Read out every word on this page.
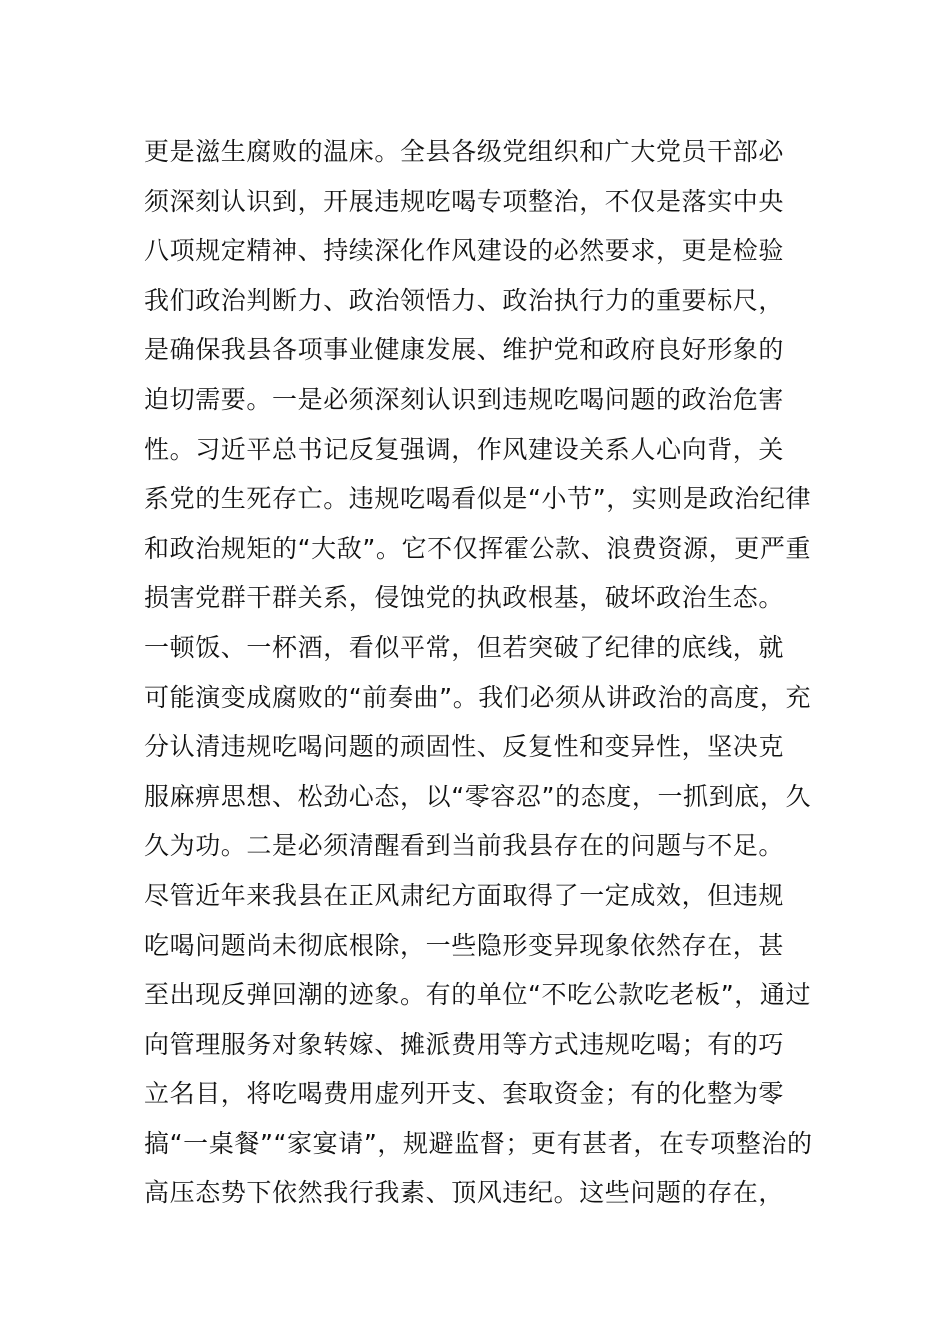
更是滋生腐败的温床。全县各级党组织和广大党员干部必
须深刻认识到，开展违规吃喝专项整治，不仅是落实中央
八项规定精神、持续深化作风建设的必然要求，更是检验
我们政治判断力、政治领悟力、政治执行力的重要标尺，
是确保我县各项事业健康发展、维护党和政府良好形象的
迫切需要。一是必须深刻认识到违规吃喝问题的政治危害
性。习近平总书记反复强调，作风建设关系人心向背，关
系党的生死存亡。违规吃喝看似是“小节”，实则是政治纪律
和政治规矩的“大敌”。它不仅挥霍公款、浪费资源，更严重
损害党群干群关系，侵蚀党的执政根基，破坏政治生态。
一顿饭、一杯酒，看似平常，但若突破了纪律的底线，就
可能演变成腐败的“前奏曲”。我们必须从讲政治的高度，充
分认清违规吃喝问题的顽固性、反复性和变异性，坚决克
服麻痹思想、松劲心态，以“零容忍”的态度，一抓到底，久
久为功。二是必须清醒看到当前我县存在的问题与不足。
尽管近年来我县在正风肃纪方面取得了一定成效，但违规
吃喝问题尚未彻底根除，一些隐形变异现象依然存在，甚
至出现反弹回潮的迹象。有的单位“不吃公款吃老板”，通过
向管理服务对象转嫁、摊派费用等方式违规吃喝；有的巧
立名目，将吃喝费用虚列开支、套取资金；有的化整为零
搞“一桌餐”“家宴请”，规避监督；更有甚者，在专项整治的
高压态势下依然我行我素、顶风违纪。这些问题的存在，
